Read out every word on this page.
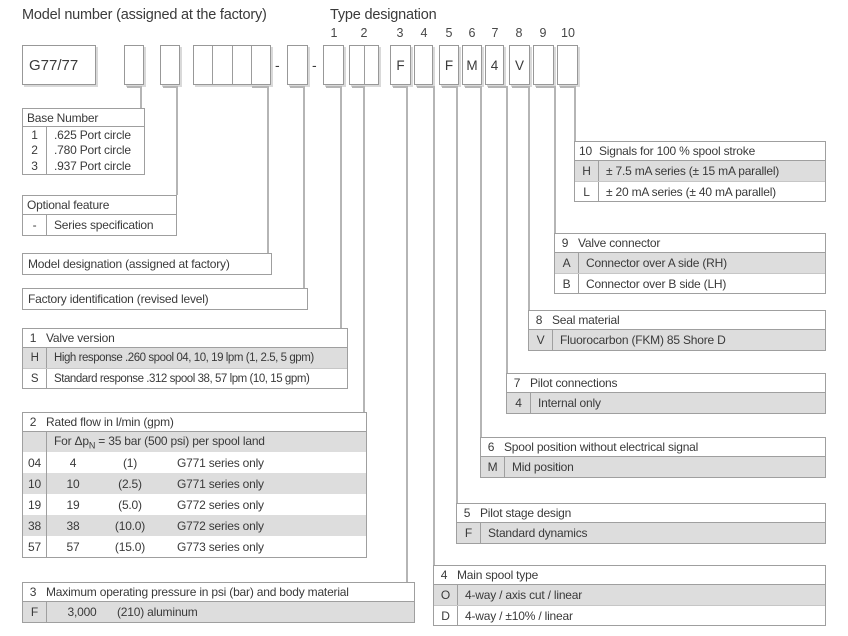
Model number (assigned at the factory)	Type designation
1 2 3 4 5 6 7 8 9 10
G77/77	- -	F	F M 4	V
Base Number
1	.625 Port circle
2	.780 Port circle
3	.937 Port circle
Optional feature
-	Series specification
Model designation (assigned at factory)
Factory identification (revised level)
1 Valve version
H	High response .260 spool 04, 10, 19 lpm (1, 2.5, 5 gpm)
S	Standard response .312 spool 38, 57 lpm (10, 15 gpm)
2 Rated flow in l/min (gpm)
For $\Delta p_N = 35$ bar (500 psi) per spool land
04	4	(1)	G771 series only
10	10	(2.5)	G771 series only
19	19	(5.0)	G772 series only
38	38	(10.0)	G772 series only
57	57	(15.0)	G773 series only
3 Maximum operating pressure in psi (bar) and body material
F	3,000	(210) aluminum
4 Main spool type
O	4-way / axis cut / linear
D	4-way / ±10% / linear
5 Pilot stage design
F	Standard dynamics
6 Spool position without electrical signal
M	Mid position
7 Pilot connections
4	Internal only
8 Seal material
V	Fluorocarbon (FKM) 85 Shore D
9 Valve connector
A	Connector over A side (RH)
B	Connector over B side (LH)
10 Signals for 100 % spool stroke
H	± 7.5 mA series (± 15 mA parallel)
L	± 20 mA series (± 40 mA parallel)
